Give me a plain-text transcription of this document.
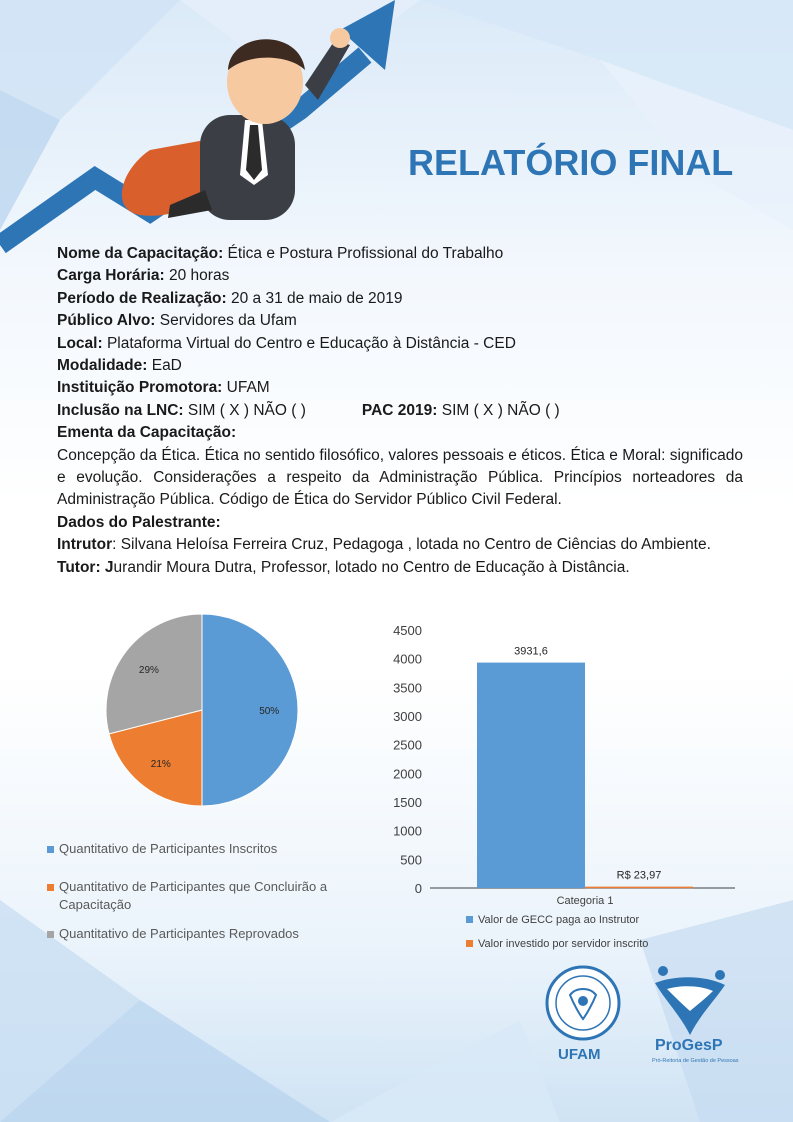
RELATÓRIO FINAL
Nome da Capacitação: Ética e Postura Profissional do Trabalho
Carga Horária: 20 horas
Período de Realização: 20 a 31 de maio de 2019
Público Alvo: Servidores da Ufam
Local: Plataforma Virtual do Centro e Educação à Distância - CED
Modalidade: EaD
Instituição Promotora: UFAM
Inclusão na LNC: SIM ( X ) NÃO ( )	PAC 2019: SIM ( X ) NÃO ( )
Ementa da Capacitação:
Concepção da Ética. Ética no sentido filosófico, valores pessoais e éticos. Ética e Moral: significado e evolução. Considerações a respeito da Administração Pública. Princípios norteadores da Administração Pública. Código de Ética do Servidor Público Civil Federal.
Dados do Palestrante:
Intrutor: Silvana Heloísa Ferreira Cruz, Pedagoga , lotada no Centro de Ciências do Ambiente.
Tutor: Jurandir Moura Dutra, Professor, lotado no Centro de Educação à Distância.
50%
21%
29%
Quantitativo de Participantes Inscritos
Quantitativo de Participantes que Concluirão a Capacitação
Quantitativo de Participantes Reprovados
0
500
1000
1500
2000
2500
3000
3500
4000
4500
3931,6
R$ 23,97
Categoria 1
Valor de GECC paga ao Instrutor
Valor investido por servidor inscrito
UFAM
ProGesP
Pró-Reitoria de Gestão de Pessoas
